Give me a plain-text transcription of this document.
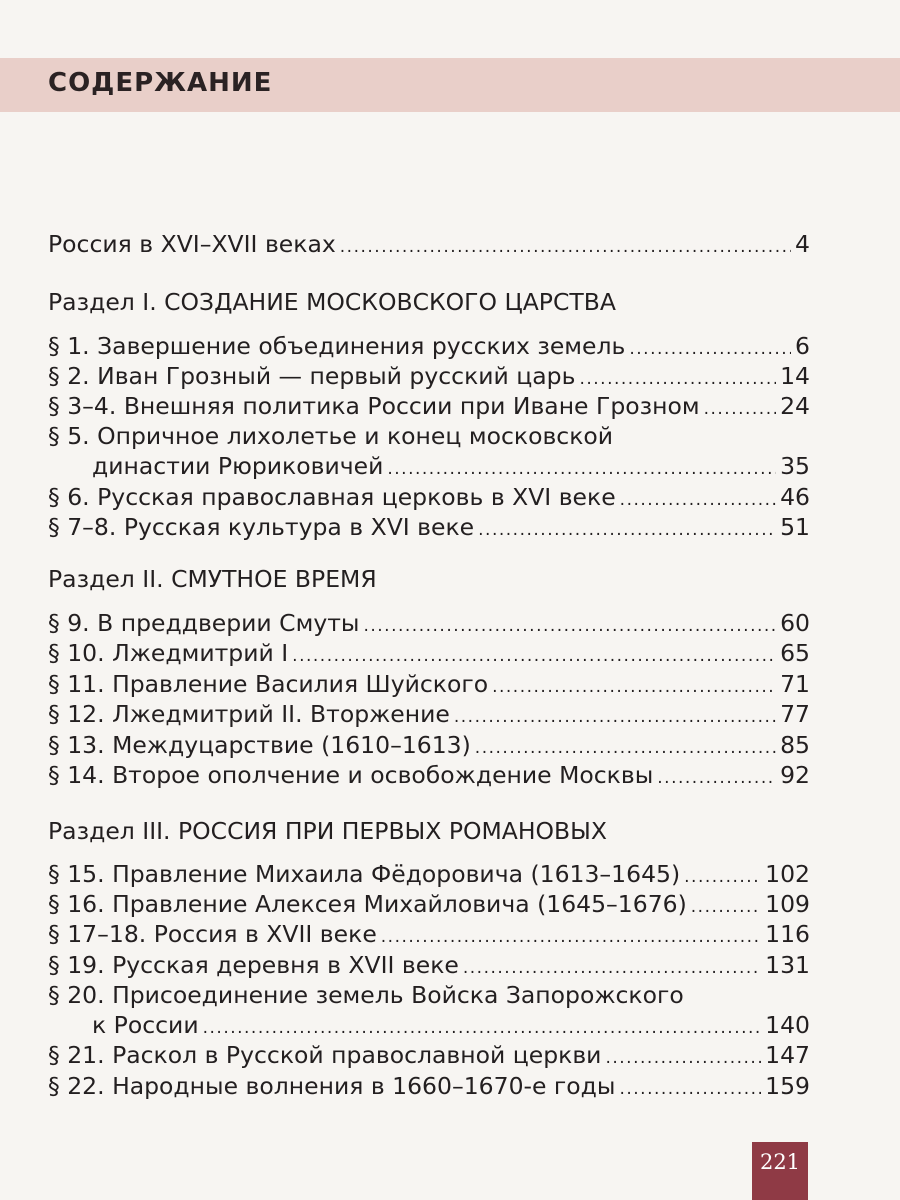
СОДЕРЖАНИЕ
Россия в XVI–XVII веках .....	4
Раздел I. СОЗДАНИЕ МОСКОВСКОГО ЦАРСТВА
§ 1. Завершение объединения русских земель .....	6
§ 2. Иван Грозный — первый русский царь .....	14
§ 3–4. Внешняя политика России при Иване Грозном .....	24
§ 5. Опричное лихолетье и конец московской
династии Рюриковичей .....	35
§ 6. Русская православная церковь в XVI веке .....	46
§ 7–8. Русская культура в XVI веке .....	51
Раздел II. СМУТНОЕ ВРЕМЯ
§ 9. В преддверии Смуты .....	60
§ 10. Лжедмитрий I .....	65
§ 11. Правление Василия Шуйского .....	71
§ 12. Лжедмитрий II. Вторжение .....	77
§ 13. Междуцарствие (1610–1613) .....	85
§ 14. Второе ополчение и освобождение Москвы .....	92
Раздел III. РОССИЯ ПРИ ПЕРВЫХ РОМАНОВЫХ
§ 15. Правление Михаила Фёдоровича (1613–1645) .....	102
§ 16. Правление Алексея Михайловича (1645–1676) .....	109
§ 17–18. Россия в XVII веке .....	116
§ 19. Русская деревня в XVII веке .....	131
§ 20. Присоединение земель Войска Запорожского
к России .....	140
§ 21. Раскол в Русской православной церкви .....	147
§ 22. Народные волнения в 1660–1670-е годы .....	159
221
